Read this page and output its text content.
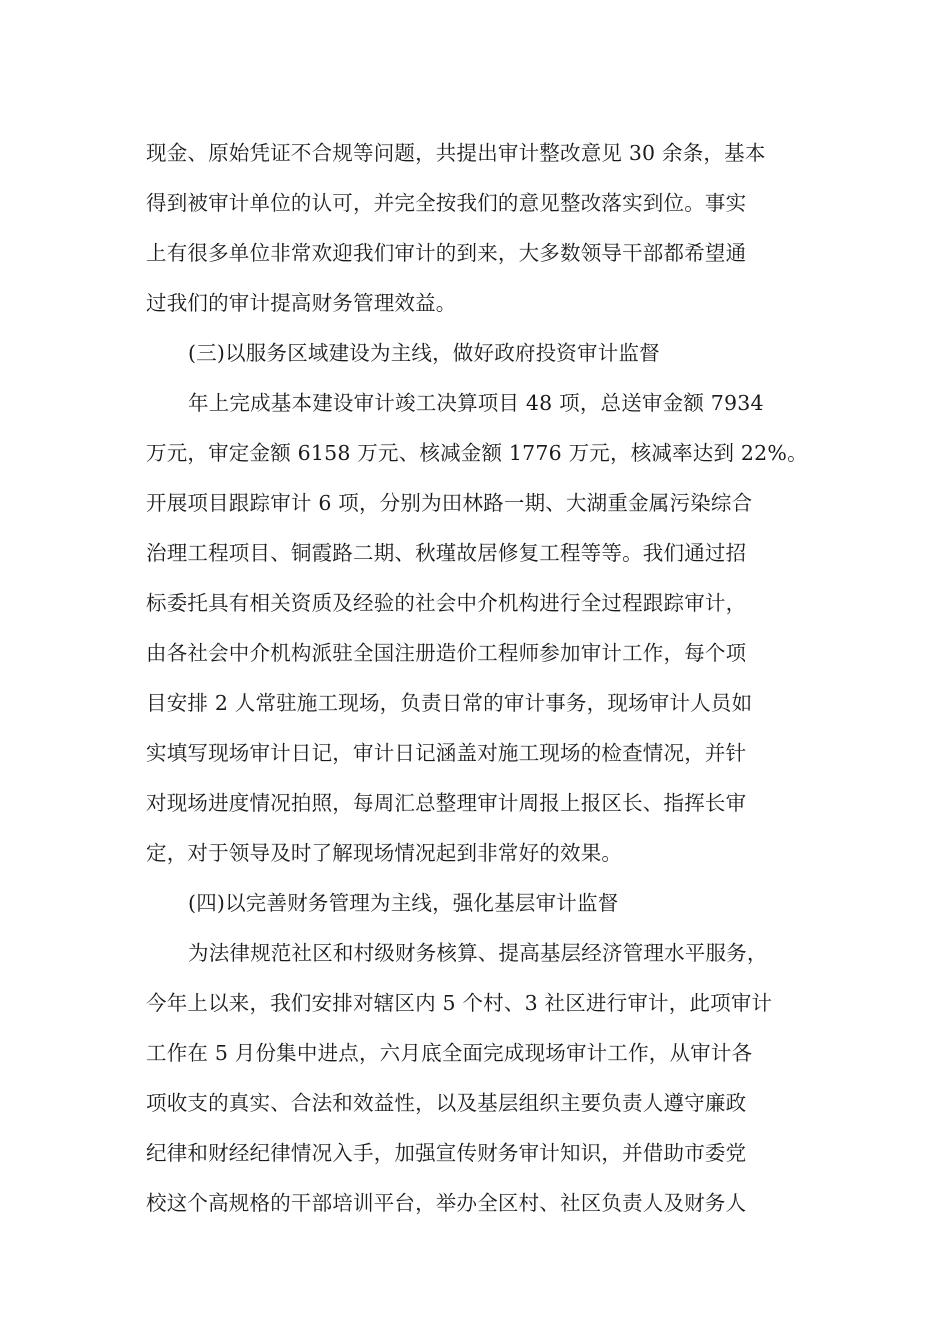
现金、原始凭证不合规等问题，共提出审计整改意见 30 余条，基本
得到被审计单位的认可，并完全按我们的意见整改落实到位。事实
上有很多单位非常欢迎我们审计的到来，大多数领导干部都希望通
过我们的审计提高财务管理效益。
(三)以服务区域建设为主线，做好政府投资审计监督
年上完成基本建设审计竣工决算项目 48 项，总送审金额 7934
万元，审定金额 6158 万元、核减金额 1776 万元，核减率达到 22%。
开展项目跟踪审计 6 项，分别为田林路一期、大湖重金属污染综合
治理工程项目、铜霞路二期、秋瑾故居修复工程等等。我们通过招
标委托具有相关资质及经验的社会中介机构进行全过程跟踪审计，
由各社会中介机构派驻全国注册造价工程师参加审计工作，每个项
目安排 2 人常驻施工现场，负责日常的审计事务，现场审计人员如
实填写现场审计日记，审计日记涵盖对施工现场的检查情况，并针
对现场进度情况拍照，每周汇总整理审计周报上报区长、指挥长审
定，对于领导及时了解现场情况起到非常好的效果。
(四)以完善财务管理为主线，强化基层审计监督
为法律规范社区和村级财务核算、提高基层经济管理水平服务，
今年上以来，我们安排对辖区内 5 个村、3 社区进行审计，此项审计
工作在 5 月份集中进点，六月底全面完成现场审计工作，从审计各
项收支的真实、合法和效益性，以及基层组织主要负责人遵守廉政
纪律和财经纪律情况入手，加强宣传财务审计知识，并借助市委党
校这个高规格的干部培训平台，举办全区村、社区负责人及财务人
